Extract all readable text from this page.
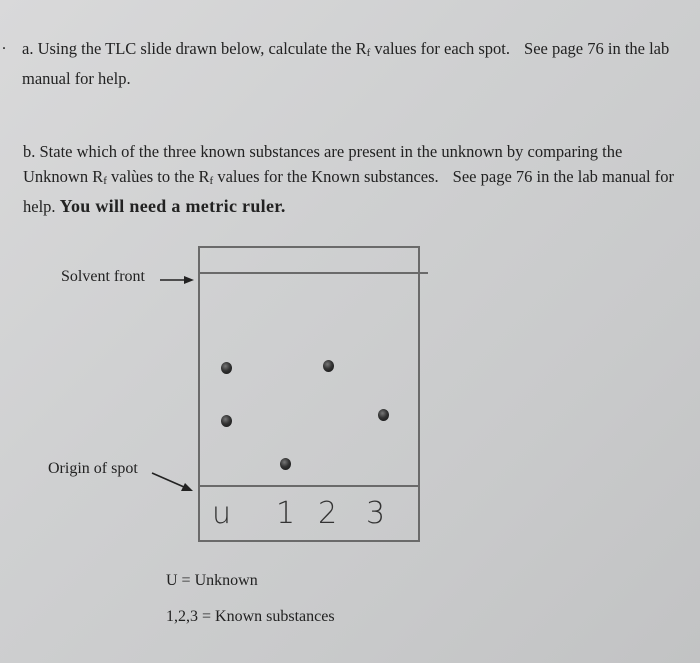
. a. Using the TLC slide drawn below, calculate the $R_f$ values for each spot. See page 76 in the lab manual for help.
b. State which of the three known substances are present in the unknown by comparing the Unknown $R_f$ valùes to the $R_f$ values for the Known substances. See page 76 in the lab manual for help. You will need a metric ruler.
Solvent front
Origin of spot
u 1 2 3
U = Unknown
1,2,3 = Known substances
